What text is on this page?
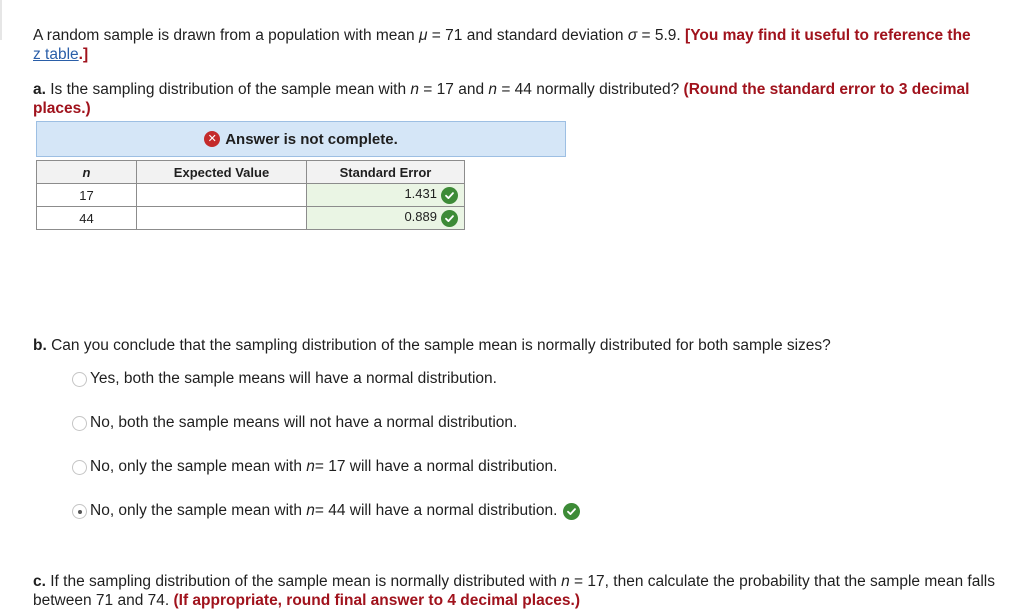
A random sample is drawn from a population with mean μ = 71 and standard deviation σ = 5.9. [You may find it useful to reference the
z table.]
a. Is the sampling distribution of the sample mean with n = 17 and n = 44 normally distributed? (Round the standard error to 3 decimal places.)
✕ Answer is not complete.
n	Expected Value	Standard Error
17		1.431

44		0.889
b. Can you conclude that the sampling distribution of the sample mean is normally distributed for both sample sizes?
Yes, both the sample means will have a normal distribution.
No, both the sample means will not have a normal distribution.
No, only the sample mean with
n = 17 will have a normal distribution.
No, only the sample mean with
n = 44 will have a normal distribution.
c. If the sampling distribution of the sample mean is normally distributed with n = 17, then calculate the probability that the sample mean falls between 71 and 74. (If appropriate, round final answer to 4 decimal places.)
